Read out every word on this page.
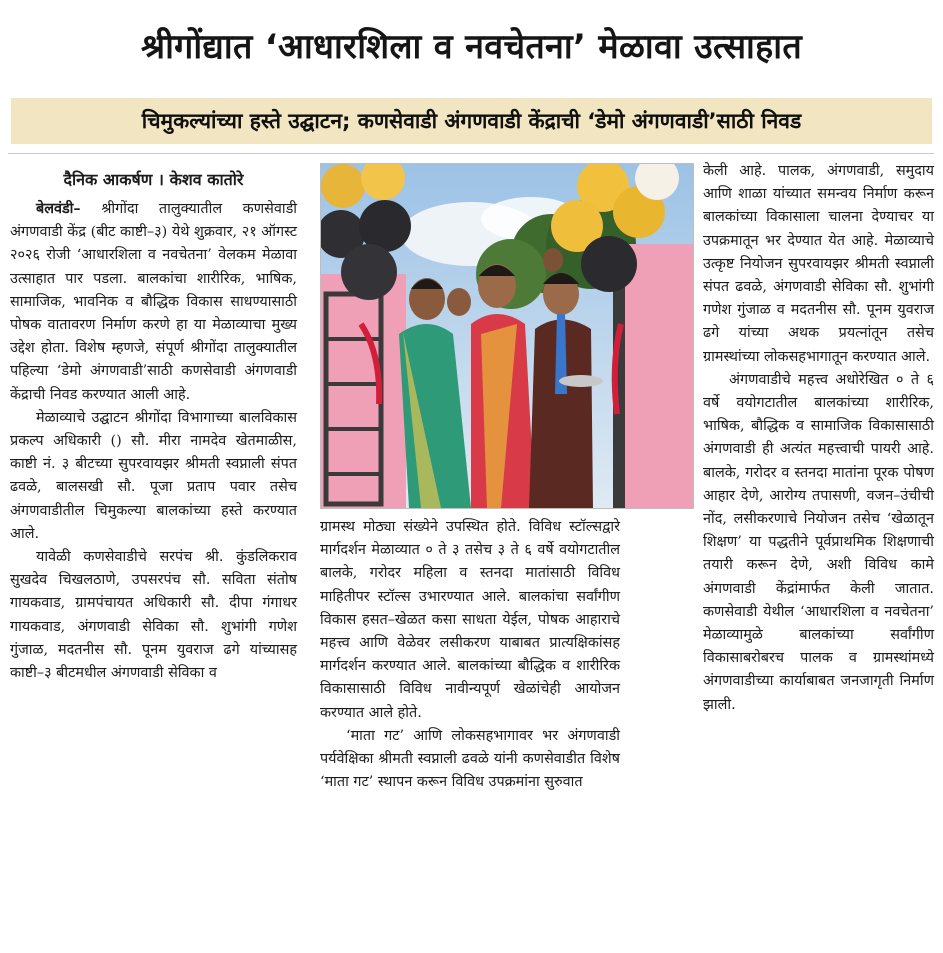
श्रीगोंद्यात ‘आधारशिला व नवचेतना’ मेळावा उत्साहात
चिमुकल्यांच्या हस्ते उद्घाटन; कणसेवाडी अंगणवाडी केंद्राची ‘डेमो अंगणवाडी’साठी निवड
दैनिक आकर्षण । केशव कातोरे

बेलवंडी– श्रीगोंदा तालुक्यातील कणसेवाडी अंगणवाडी केंद्र (बीट काष्टी–३) येथे शुक्रवार, २१ ऑगस्ट २०२६ रोजी ‘आधारशिला व नवचेतना’ वेलकम मेळावा उत्साहात पार पडला. बालकांचा शारीरिक, भाषिक, सामाजिक, भावनिक व बौद्धिक विकास साधण्यासाठी पोषक वातावरण निर्माण करणे हा या मेळाव्याचा मुख्य उद्देश होता. विशेष म्हणजे, संपूर्ण श्रीगोंदा तालुक्यातील पहिल्या ‘डेमो अंगणवाडी’साठी कणसेवाडी अंगणवाडी केंद्राची निवड करण्यात आली आहे.

मेळाव्याचे उद्घाटन श्रीगोंदा विभागाच्या बालविकास प्रकल्प अधिकारी () सौ. मीरा नामदेव खेतमाळीस, काष्टी नं. ३ बीटच्या सुपरवायझर श्रीमती स्वप्नाली संपत ढवळे, बालसखी सौ. पूजा प्रताप पवार तसेच अंगणवाडीतील चिमुकल्या बालकांच्या हस्ते करण्यात आले.

यावेळी कणसेवाडीचे सरपंच श्री. कुंडलिकराव सुखदेव चिखलठाणे, उपसरपंच सौ. सविता संतोष गायकवाड, ग्रामपंचायत अधिकारी सौ. दीपा गंगाधर गायकवाड, अंगणवाडी सेविका सौ. शुभांगी गणेश गुंजाळ, मदतनीस सौ. पूनम युवराज ढगे यांच्यासह काष्टी–३ बीटमधील अंगणवाडी सेविका व

ग्रामस्थ मोठ्या संख्येने उपस्थित होते. विविध स्टॉल्सद्वारे मार्गदर्शन मेळाव्यात ० ते ३ तसेच ३ ते ६ वर्षे वयोगटातील बालके, गरोदर महिला व स्तनदा मातांसाठी विविध माहितीपर स्टॉल्स उभारण्यात आले. बालकांचा सर्वांगीण विकास हसत–खेळत कसा साधता येईल, पोषक आहाराचे महत्त्व आणि वेळेवर लसीकरण याबाबत प्रात्यक्षिकांसह मार्गदर्शन करण्यात आले. बालकांच्या बौद्धिक व शारीरिक विकासासाठी विविध नावीन्यपूर्ण खेळांचेही आयोजन करण्यात आले होते.

‘माता गट’ आणि लोकसहभागावर भर अंगणवाडी पर्यवेक्षिका श्रीमती स्वप्नाली ढवळे यांनी कणसेवाडीत विशेष ‘माता गट’ स्थापन करून विविध उपक्रमांना सुरुवात

केली आहे. पालक, अंगणवाडी, समुदाय आणि शाळा यांच्यात समन्वय निर्माण करून बालकांच्या विकासाला चालना देण्याचर या उपक्रमातून भर देण्यात येत आहे. मेळाव्याचे उत्कृष्ट नियोजन सुपरवायझर श्रीमती स्वप्नाली संपत ढवळे, अंगणवाडी सेविका सौ. शुभांगी गणेश गुंजाळ व मदतनीस सौ. पूनम युवराज ढगे यांच्या अथक प्रयत्नांतून तसेच ग्रामस्थांच्या लोकसहभागातून करण्यात आले.

अंगणवाडीचे महत्त्व अधोरेखित ० ते ६ वर्षे वयोगटातील बालकांच्या शारीरिक, भाषिक, बौद्धिक व सामाजिक विकासासाठी अंगणवाडी ही अत्यंत महत्त्वाची पायरी आहे. बालके, गरोदर व स्तनदा मातांना पूरक पोषण आहार देणे, आरोग्य तपासणी, वजन–उंचीची नोंद, लसीकरणाचे नियोजन तसेच ‘खेळातून शिक्षण’ या पद्धतीने पूर्वप्राथमिक शिक्षणाची तयारी करून देणे, अशी विविध कामे अंगणवाडी केंद्रांमार्फत केली जातात. कणसेवाडी येथील ‘आधारशिला व नवचेतना’ मेळाव्यामुळे बालकांच्या सर्वांगीण विकासाबरोबरच पालक व ग्रामस्थांमध्ये अंगणवाडीच्या कार्याबाबत जनजागृती निर्माण झाली.
